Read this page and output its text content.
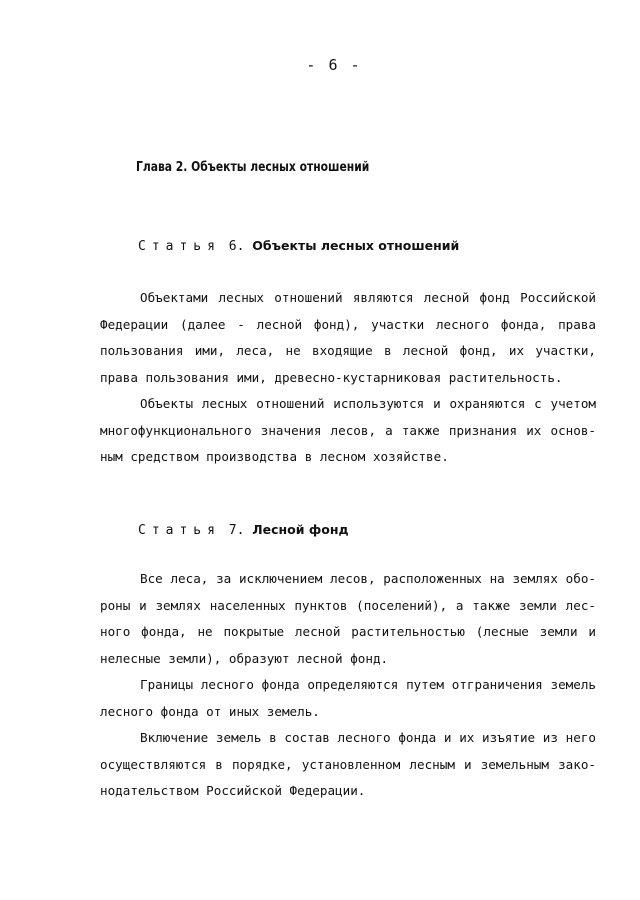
- 6 -
Глава 2. Объекты лесных отношений
Статья 6. Объекты лесных отношений
Объектами лесных отношений являются лесной фонд Российской
Федерации (далее - лесной фонд), участки лесного фонда, права
пользования ими, леса, не входящие в лесной фонд, их участки,
права пользования ими, древесно-кустарниковая растительность.
Объекты лесных отношений используются и охраняются с учетом
многофункционального значения лесов, а также признания их основ-
ным средством производства в лесном хозяйстве.
Статья 7. Лесной фонд
Все леса, за исключением лесов, расположенных на землях обо-
роны и землях населенных пунктов (поселений), а также земли лес-
ного фонда, не покрытые лесной растительностью (лесные земли и
нелесные земли), образуют лесной фонд.
Границы лесного фонда определяются путем отграничения земель
лесного фонда от иных земель.
Включение земель в состав лесного фонда и их изъятие из него
осуществляются в порядке, установленном лесным и земельным зако-
нодательством Российской Федерации.
